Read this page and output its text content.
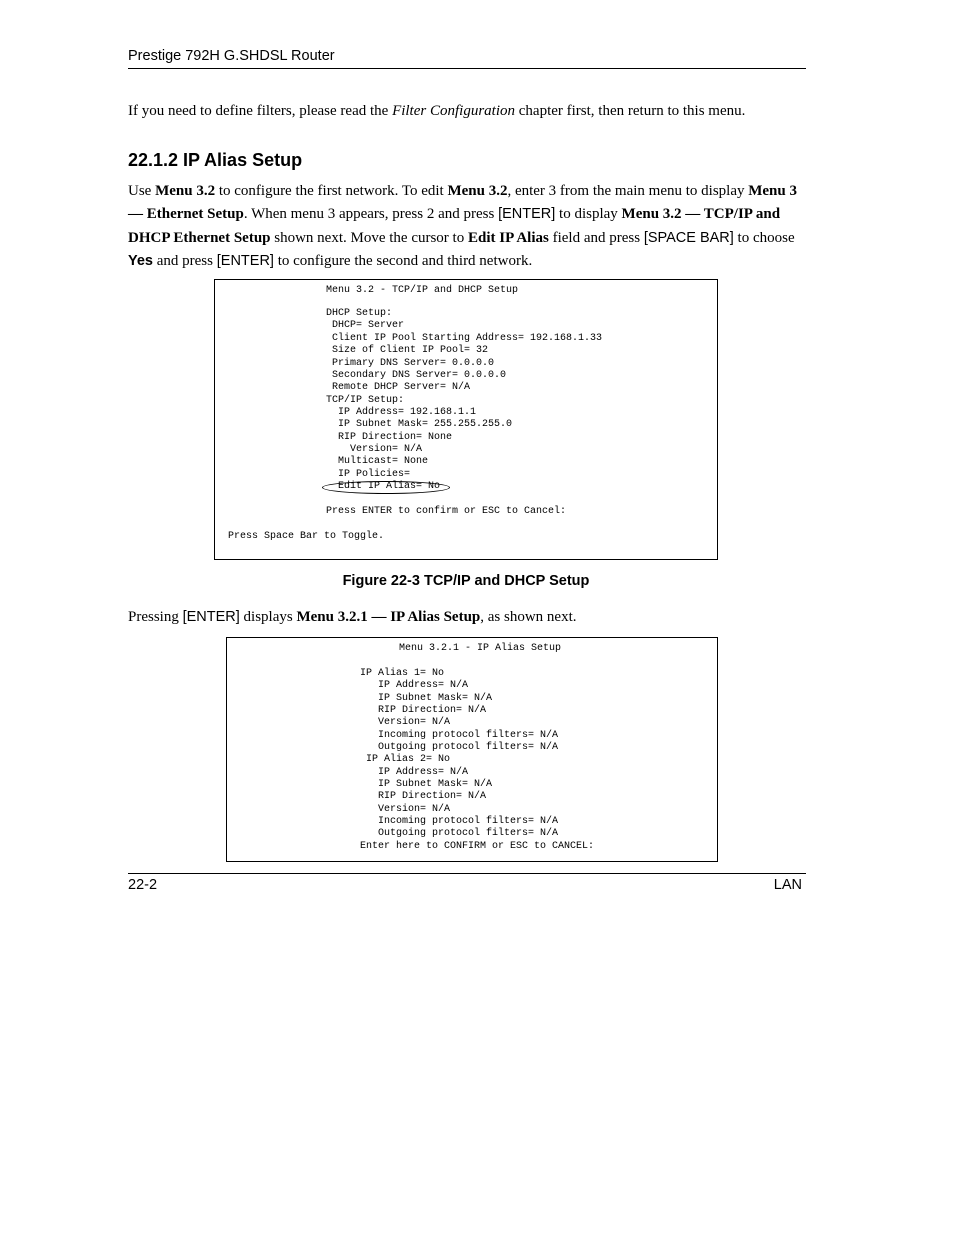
Prestige 792H G.SHDSL Router

If you need to define filters, please read the Filter Configuration chapter first, then return to this menu.

22.1.2 IP Alias Setup

Use Menu 3.2 to configure the first network. To edit Menu 3.2, enter 3 from the main menu to display Menu 3 — Ethernet Setup. When menu 3 appears, press 2 and press [ENTER] to display Menu 3.2 — TCP/IP and DHCP Ethernet Setup shown next. Move the cursor to Edit IP Alias field and press [SPACE BAR] to choose Yes and press [ENTER] to configure the second and third network.

Menu 3.2 - TCP/IP and DHCP Setup
DHCP Setup:
DHCP= Server
Client IP Pool Starting Address= 192.168.1.33
Size of Client IP Pool= 32
Primary DNS Server= 0.0.0.0
Secondary DNS Server= 0.0.0.0
Remote DHCP Server= N/A
TCP/IP Setup:
IP Address= 192.168.1.1
IP Subnet Mask= 255.255.255.0
RIP Direction= None
Version= N/A
Multicast= None
IP Policies=
Edit IP Alias= No
Press ENTER to confirm or ESC to Cancel:
Press Space Bar to Toggle.
Figure 22-3 TCP/IP and DHCP Setup

Pressing [ENTER] displays Menu 3.2.1 — IP Alias Setup, as shown next.

Menu 3.2.1 - IP Alias Setup
IP Alias 1= No
IP Address= N/A
IP Subnet Mask= N/A
RIP Direction= N/A
Version= N/A
Incoming protocol filters= N/A
Outgoing protocol filters= N/A
IP Alias 2= No
IP Address= N/A
IP Subnet Mask= N/A
RIP Direction= N/A
Version= N/A
Incoming protocol filters= N/A
Outgoing protocol filters= N/A
Enter here to CONFIRM or ESC to CANCEL:
22-2	LAN
